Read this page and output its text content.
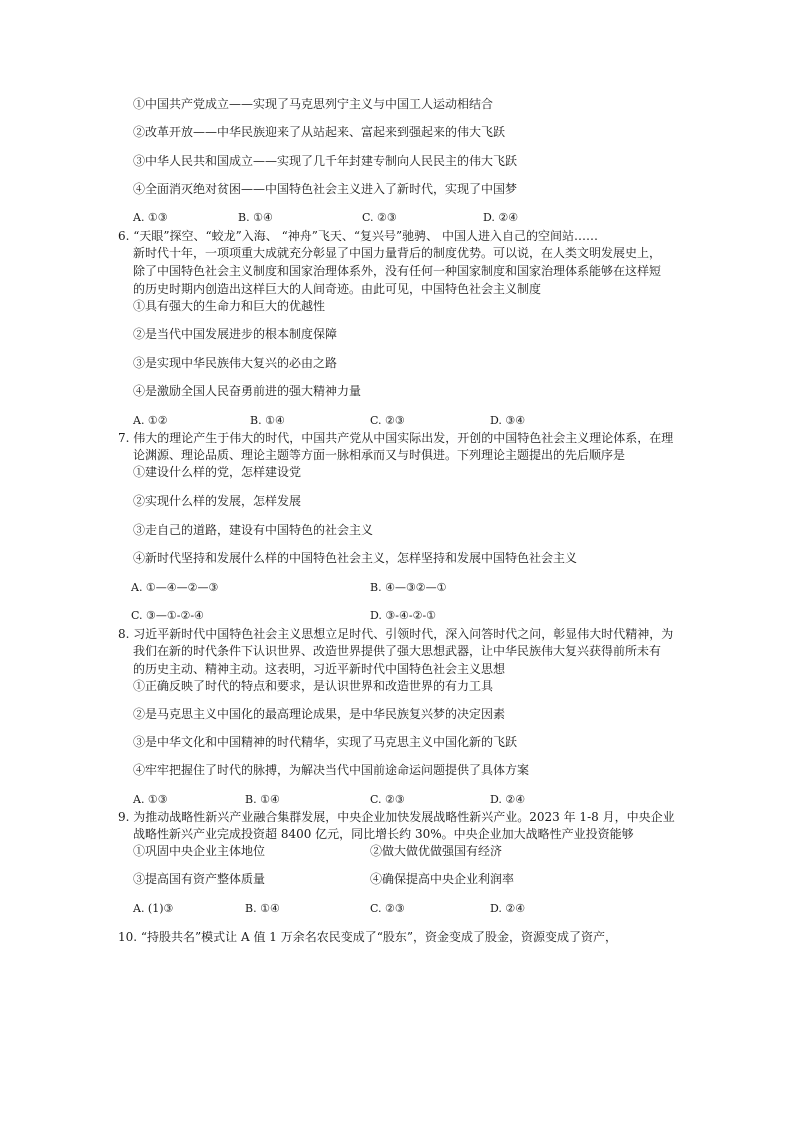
①中国共产党成立——实现了马克思列宁主义与中国工人运动相结合
②改革开放——中华民族迎来了从站起来、富起来到强起来的伟大飞跃
③中华人民共和国成立——实现了几千年封建专制向人民民主的伟大飞跃
④全面消灭绝对贫困——中国特色社会主义进入了新时代，实现了中国梦
A. ①③	B. ①④	C. ②③	D. ②④
6. “天眼”探空、“蛟龙”入海、 “神舟”飞天、“复兴号”驰骋、 中国人进入自己的空间站……
新时代十年，一项项重大成就充分彰显了中国力量背后的制度优势。可以说，在人类文明发展史上，
除了中国特色社会主义制度和国家治理体系外，没有任何一种国家制度和国家治理体系能够在这样短
的历史时期内创造出这样巨大的人间奇迹。由此可见，中国特色社会主义制度
①具有强大的生命力和巨大的优越性
②是当代中国发展进步的根本制度保障
③是实现中华民族伟大复兴的必由之路
④是激励全国人民奋勇前进的强大精神力量
A. ①②	B. ①④	C. ②③	D. ③④
7. 伟大的理论产生于伟大的时代，中国共产党从中国实际出发，开创的中国特色社会主义理论体系，在理
论渊源、理论品质、理论主题等方面一脉相承而又与时俱进。下列理论主题提出的先后顺序是
①建设什么样的党，怎样建设党
②实现什么样的发展，怎样发展
③走自己的道路，建设有中国特色的社会主义
④新时代坚持和发展什么样的中国特色社会主义，怎样坚持和发展中国特色社会主义
A. ①—④—②—③	B. ④—③②—①
C. ③—①-②-④	D. ③-④-②-①
8. 习近平新时代中国特色社会主义思想立足时代、引领时代，深入问答时代之问，彰显伟大时代精神，为
我们在新的时代条件下认识世界、改造世界提供了强大思想武器，让中华民族伟大复兴获得前所未有
的历史主动、精神主动。这表明，习近平新时代中国特色社会主义思想
①正确反映了时代的特点和要求，是认识世界和改造世界的有力工具
②是马克思主义中国化的最高理论成果，是中华民族复兴梦的决定因素
③是中华文化和中国精神的时代精华，实现了马克思主义中国化新的飞跃
④牢牢把握住了时代的脉搏，为解决当代中国前途命运问题提供了具体方案
A. ①③	B. ①④	C. ②③	D. ②④
9. 为推动战略性新兴产业融合集群发展，中央企业加快发展战略性新兴产业。2023 年 1-8 月，中央企业
战略性新兴产业完成投资超 8400 亿元，同比增长约 30%。中央企业加大战略性产业投资能够
①巩固中央企业主体地位	②做大做优做强国有经济
③提高国有资产整体质量	④确保提高中央企业利润率
A. (1)③	B. ①④	C. ②③	D. ②④
10. “持股共名”模式让 A 值 1 万余名农民变成了“股东”，资金变成了股金，资源变成了资产，
